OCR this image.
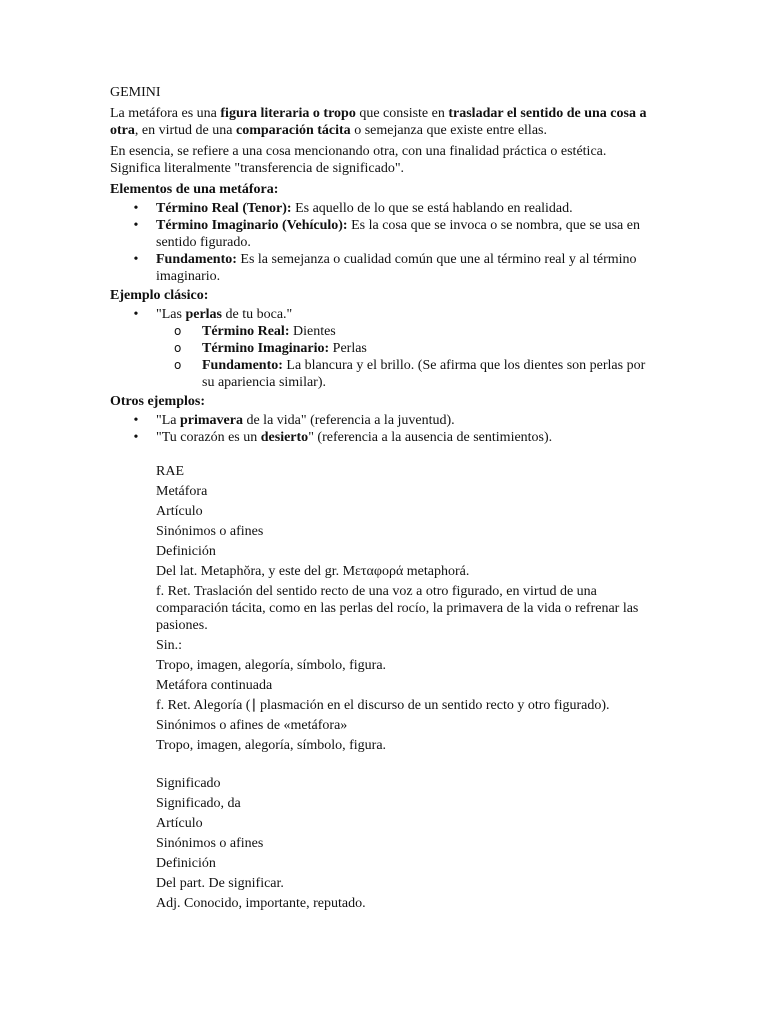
GEMINI

La metáfora es una figura literaria o tropo que consiste en trasladar el sentido de una cosa a otra, en virtud de una comparación tácita o semejanza que existe entre ellas.

En esencia, se refiere a una cosa mencionando otra, con una finalidad práctica o estética. Significa literalmente "transferencia de significado".

Elementos de una metáfora:

• Término Real (Tenor): Es aquello de lo que se está hablando en realidad.
• Término Imaginario (Vehículo): Es la cosa que se invoca o se nombra, que se usa en sentido figurado.
• Fundamento: Es la semejanza o cualidad común que une al término real y al término imaginario.

Ejemplo clásico:

• "Las perlas de tu boca."
o Término Real: Dientes
o Término Imaginario: Perlas
o Fundamento: La blancura y el brillo. (Se afirma que los dientes son perlas por su apariencia similar).

Otros ejemplos:

• "La primavera de la vida" (referencia a la juventud).
• "Tu corazón es un desierto" (referencia a la ausencia de sentimientos).

RAE

Metáfora

Artículo

Sinónimos o afines

Definición

Del lat. Metaphŏra, y este del gr. Μεταφορά metaphorá.

f. Ret. Traslación del sentido recto de una voz a otro figurado, en virtud de una comparación tácita, como en las perlas del rocío, la primavera de la vida o refrenar las pasiones.

Sin.:

Tropo, imagen, alegoría, símbolo, figura.

Metáfora continuada

f. Ret. Alegoría (┃ plasmación en el discurso de un sentido recto y otro figurado).

Sinónimos o afines de «metáfora»

Tropo, imagen, alegoría, símbolo, figura.

Significado

Significado, da

Artículo

Sinónimos o afines

Definición

Del part. De significar.

Adj. Conocido, importante, reputado.
